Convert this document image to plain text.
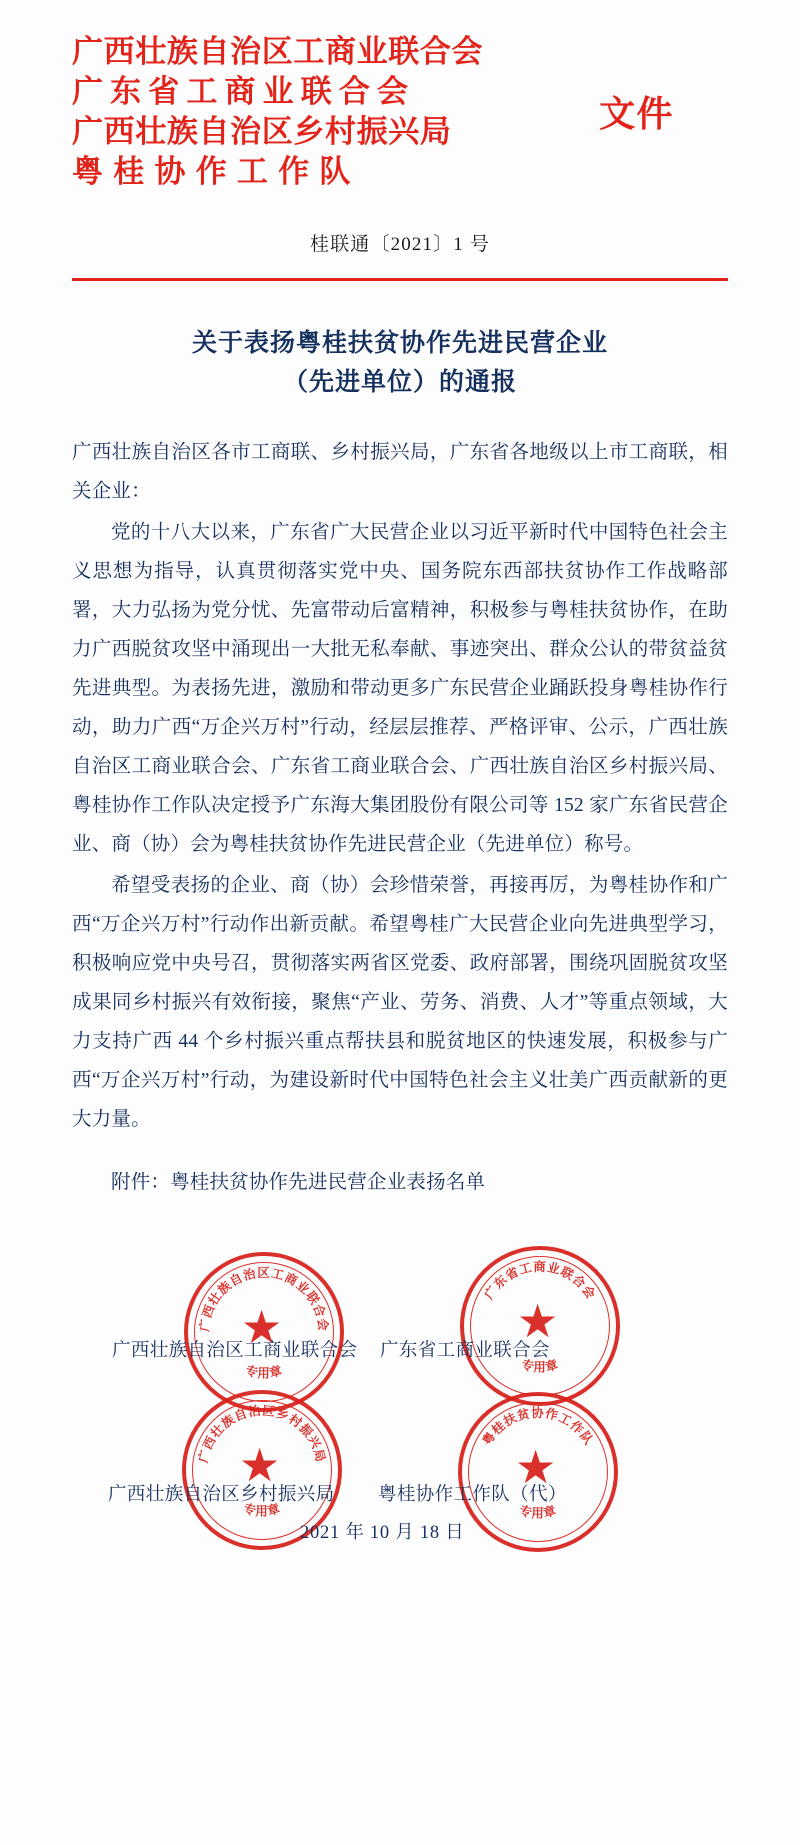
广西壮族自治区工商业联合会
广东省工商业联合会
广西壮族自治区乡村振兴局
粤桂协作工作队
文件
桂联通〔2021〕1 号
关于表扬粤桂扶贫协作先进民营企业
（先进单位）的通报

广西壮族自治区各市工商联、乡村振兴局，广东省各地级以上市工商联，相关企业：

党的十八大以来，广东省广大民营企业以习近平新时代中国特色社会主义思想为指导，认真贯彻落实党中央、国务院东西部扶贫协作工作战略部署，大力弘扬为党分忧、先富带动后富精神，积极参与粤桂扶贫协作，在助力广西脱贫攻坚中涌现出一大批无私奉献、事迹突出、群众公认的带贫益贫先进典型。为表扬先进，激励和带动更多广东民营企业踊跃投身粤桂协作行动，助力广西“万企兴万村”行动，经层层推荐、严格评审、公示，广西壮族自治区工商业联合会、广东省工商业联合会、广西壮族自治区乡村振兴局、粤桂协作工作队决定授予广东海大集团股份有限公司等 152 家广东省民营企业、商（协）会为粤桂扶贫协作先进民营企业（先进单位）称号。

希望受表扬的企业、商（协）会珍惜荣誉，再接再厉，为粤桂协作和广西“万企兴万村”行动作出新贡献。希望粤桂广大民营企业向先进典型学习，积极响应党中央号召，贯彻落实两省区党委、政府部署，围绕巩固脱贫攻坚成果同乡村振兴有效衔接，聚焦“产业、劳务、消费、人才”等重点领域，大力支持广西 44 个乡村振兴重点帮扶县和脱贫地区的快速发展，积极参与广西“万企兴万村”行动，为建设新时代中国特色社会主义壮美广西贡献新的更大力量。

附件：粤桂扶贫协作先进民营企业表扬名单
广西壮族自治区工商业联合会
专用章
广东省工商业联合会
专用章
广西壮族自治区乡村振兴局
专用章
粤桂扶贫协作工作队
专用章
广西壮族自治区工商业联合会 广东省工商业联合会
广西壮族自治区乡村振兴局 粤桂协作工作队（代）
2021 年 10 月 18 日
